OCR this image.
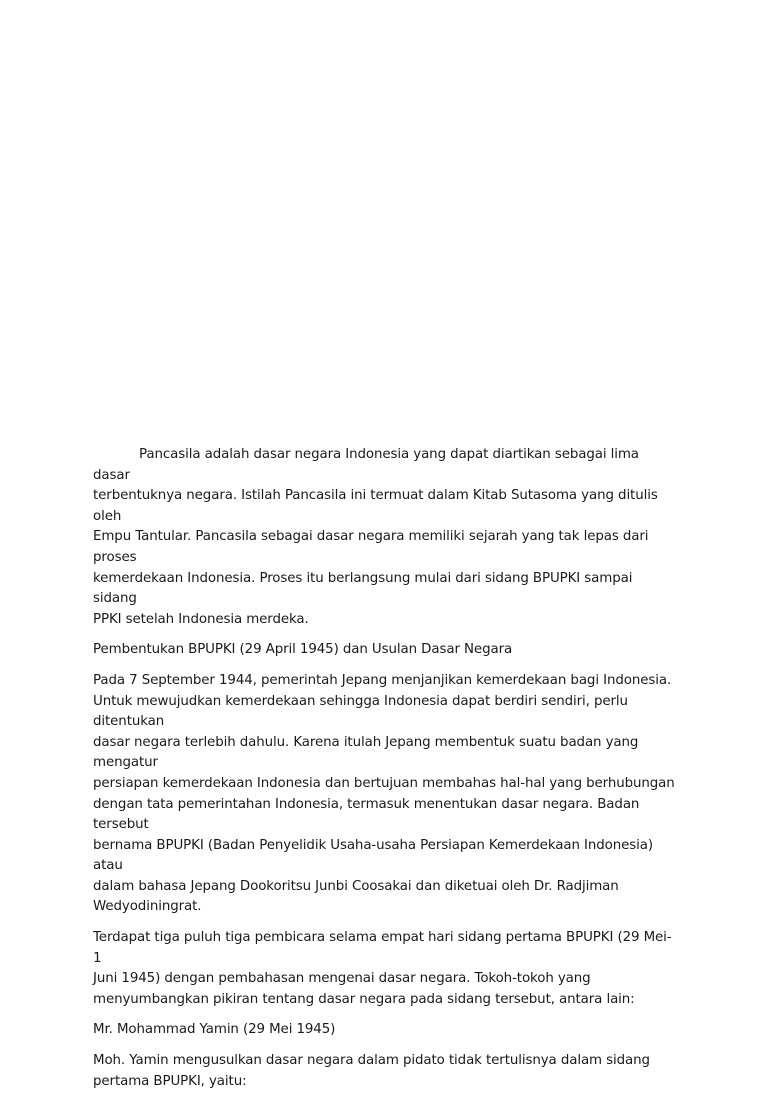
Pancasila adalah dasar negara Indonesia yang dapat diartikan sebagai lima dasar
terbentuknya negara. Istilah Pancasila ini termuat dalam Kitab Sutasoma yang ditulis oleh
Empu Tantular. Pancasila sebagai dasar negara memiliki sejarah yang tak lepas dari proses
kemerdekaan Indonesia. Proses itu berlangsung mulai dari sidang BPUPKI sampai sidang
PPKI setelah Indonesia merdeka.

Pembentukan BPUPKI (29 April 1945) dan Usulan Dasar Negara

Pada 7 September 1944, pemerintah Jepang menjanjikan kemerdekaan bagi Indonesia.
Untuk mewujudkan kemerdekaan sehingga Indonesia dapat berdiri sendiri, perlu ditentukan
dasar negara terlebih dahulu. Karena itulah Jepang membentuk suatu badan yang mengatur
persiapan kemerdekaan Indonesia dan bertujuan membahas hal-hal yang berhubungan
dengan tata pemerintahan Indonesia, termasuk menentukan dasar negara. Badan tersebut
bernama BPUPKI (Badan Penyelidik Usaha-usaha Persiapan Kemerdekaan Indonesia) atau
dalam bahasa Jepang Dookoritsu Junbi Coosakai dan diketuai oleh Dr. Radjiman
Wedyodiningrat.

Terdapat tiga puluh tiga pembicara selama empat hari sidang pertama BPUPKI (29 Mei-1
Juni 1945) dengan pembahasan mengenai dasar negara. Tokoh-tokoh yang
menyumbangkan pikiran tentang dasar negara pada sidang tersebut, antara lain:

Mr. Mohammad Yamin (29 Mei 1945)

Moh. Yamin mengusulkan dasar negara dalam pidato tidak tertulisnya dalam sidang
pertama BPUPKI, yaitu:
